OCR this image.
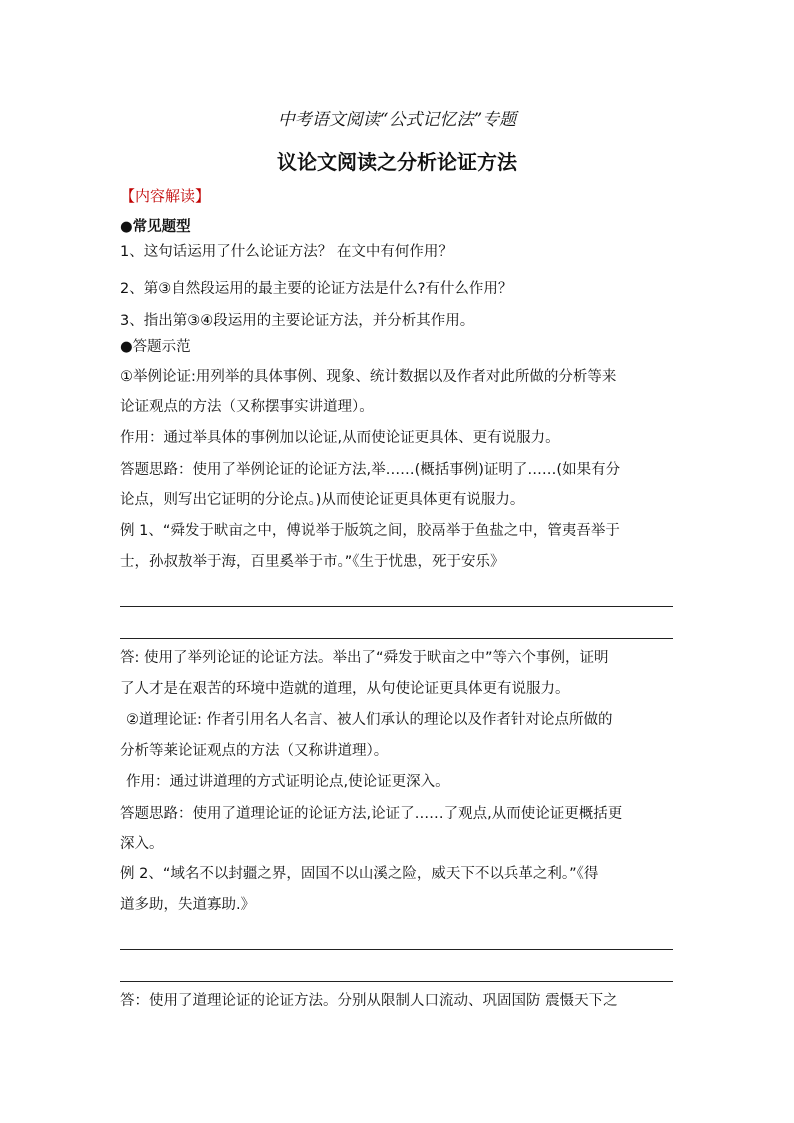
中考语文阅读“公式记忆法”专题
议论文阅读之分析论证方法
【内容解读】
●常见题型
1、这句话运用了什么论证方法？ 在文中有何作用？
2、第③自然段运用的最主要的论证方法是什么?有什么作用？
3、指出第③④段运用的主要论证方法，并分析其作用。
●答题示范
①举例论证:用列举的具体事例、现象、统计数据以及作者对此所做的分析等来
论证观点的方法（又称摆事实讲道理）。
作用：通过举具体的事例加以论证,从而使论证更具体、更有说服力。
答题思路：使用了举例论证的论证方法,举……(概括事例)证明了……(如果有分
论点，则写出它证明的分论点。)从而使论证更具体更有说服力。
例 1、“舜发于畎亩之中，傅说举于版筑之间，胶鬲举于鱼盐之中，管夷吾举于
士，孙叔敖举于海，百里奚举于市。”《生于忧患，死于安乐》
答: 使用了举列论证的论证方法。举出了“舜发于畎亩之中”等六个事例，证明
了人才是在艰苦的环境中造就的道理，从句使论证更具体更有说服力。
②道理论证: 作者引用名人名言、被人们承认的理论以及作者针对论点所做的
分析等莱论证观点的方法（又称讲道理）。
作用：通过讲道理的方式证明论点,使论证更深入。
答题思路：使用了道理论证的论证方法,论证了……了观点,从而使论证更概括更
深入。
例 2、“域名不以封疆之界，固国不以山溪之险，威天下不以兵革之利。”《得
道多助，失道寡助.》
答：使用了道理论证的论证方法。分别从限制人口流动、巩固国防 震慑天下之
